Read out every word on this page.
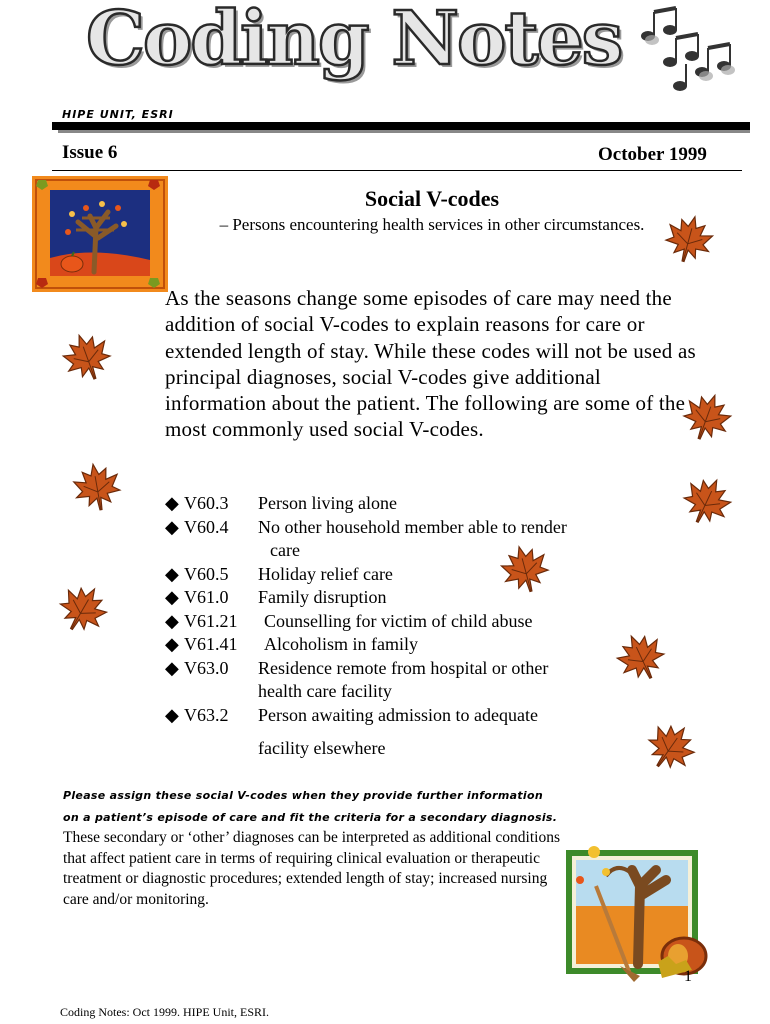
Coding Notes
HIPE UNIT, ESRI
Issue 6	October 1999
Social V-codes
– Persons encountering health services in other circumstances.
As the seasons change some episodes of care may need the addition of social V-codes to explain reasons for care or extended length of stay. While these codes will not be used as principal diagnoses, social V-codes give additional information about the patient. The following are some of the most commonly used social V-codes.
◆ V60.3 Person living alone
◆ V60.4 No other household member able to render
care
◆ V60.5 Holiday relief care
◆ V61.0 Family disruption
◆ V61.21 Counselling for victim of child abuse
◆ V61.41 Alcoholism in family
◆ V63.0 Residence remote from hospital or other
health care facility
◆ V63.2 Person awaiting admission to adequate
facility elsewhere
Please assign these social V-codes when they provide further information on a patient’s episode of care and fit the criteria for a secondary diagnosis. These secondary or ‘other’ diagnoses can be interpreted as additional conditions that affect patient care in terms of requiring clinical evaluation or therapeutic treatment or diagnostic procedures; extended length of stay; increased nursing care and/or monitoring.
1
Coding Notes: Oct 1999. HIPE Unit, ESRI.
